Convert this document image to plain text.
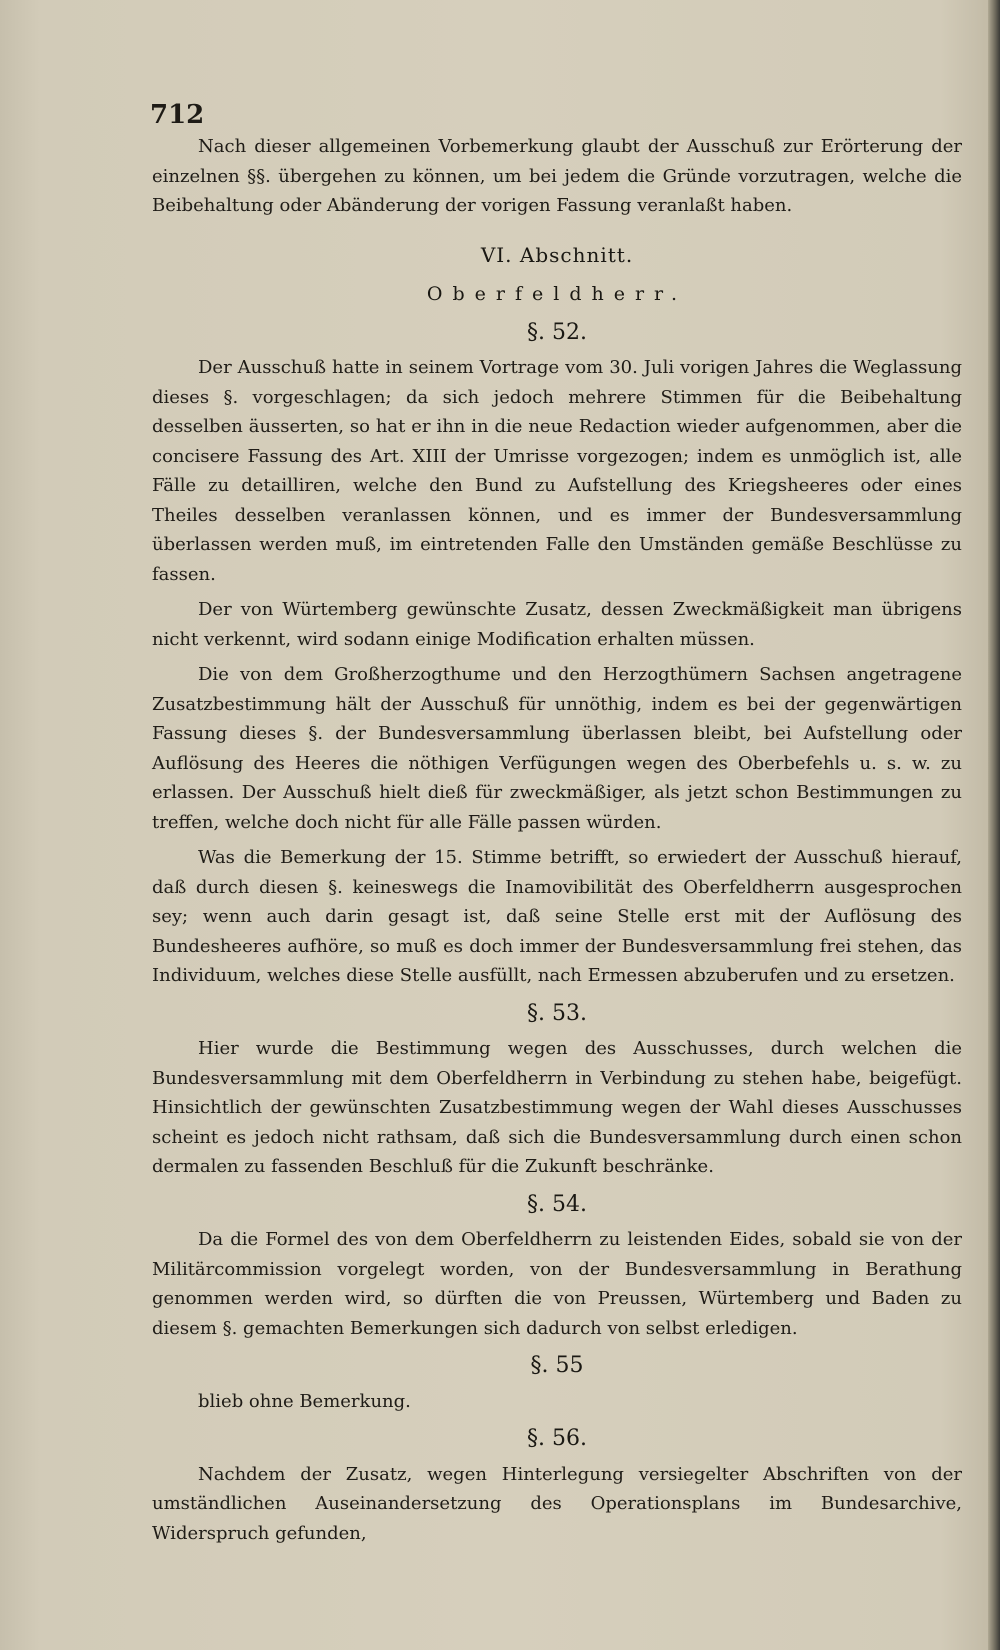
712

Nach dieser allgemeinen Vorbemerkung glaubt der Ausschuß zur Erörterung der einzelnen §§. übergehen zu können, um bei jedem die Gründe vorzutragen, welche die Beibehaltung oder Abänderung der vorigen Fassung veranlaßt haben.

VI. Abschnitt.
Oberfeldherr.
§. 52.

Der Ausschuß hatte in seinem Vortrage vom 30. Juli vorigen Jahres die Weglassung dieses §. vorgeschlagen; da sich jedoch mehrere Stimmen für die Beibehaltung desselben äusserten, so hat er ihn in die neue Redaction wieder aufgenommen, aber die concisere Fassung des Art. XIII der Umrisse vorgezogen; indem es unmöglich ist, alle Fälle zu detailliren, welche den Bund zu Aufstellung des Kriegsheeres oder eines Theiles desselben veranlassen können, und es immer der Bundesversammlung überlassen werden muß, im eintretenden Falle den Umständen gemäße Beschlüsse zu fassen.

Der von Würtemberg gewünschte Zusatz, dessen Zweckmäßigkeit man übrigens nicht verkennt, wird sodann einige Modification erhalten müssen.

Die von dem Großherzogthume und den Herzogthümern Sachsen angetragene Zusatzbestimmung hält der Ausschuß für unnöthig, indem es bei der gegenwärtigen Fassung dieses §. der Bundesversammlung überlassen bleibt, bei Aufstellung oder Auflösung des Heeres die nöthigen Verfügungen wegen des Oberbefehls u. s. w. zu erlassen. Der Ausschuß hielt dieß für zweckmäßiger, als jetzt schon Bestimmungen zu treffen, welche doch nicht für alle Fälle passen würden.

Was die Bemerkung der 15. Stimme betrifft, so erwiedert der Ausschuß hierauf, daß durch diesen §. keineswegs die Inamovibilität des Oberfeldherrn ausgesprochen sey; wenn auch darin gesagt ist, daß seine Stelle erst mit der Auflösung des Bundesheeres aufhöre, so muß es doch immer der Bundesversammlung frei stehen, das Individuum, welches diese Stelle ausfüllt, nach Ermessen abzuberufen und zu ersetzen.

§. 53.

Hier wurde die Bestimmung wegen des Ausschusses, durch welchen die Bundesversammlung mit dem Oberfeldherrn in Verbindung zu stehen habe, beigefügt. Hinsichtlich der gewünschten Zusatzbestimmung wegen der Wahl dieses Ausschusses scheint es jedoch nicht rathsam, daß sich die Bundesversammlung durch einen schon dermalen zu fassenden Beschluß für die Zukunft beschränke.

§. 54.

Da die Formel des von dem Oberfeldherrn zu leistenden Eides, sobald sie von der Militärcommission vorgelegt worden, von der Bundesversammlung in Berathung genommen werden wird, so dürften die von Preussen, Würtemberg und Baden zu diesem §. gemachten Bemerkungen sich dadurch von selbst erledigen.

§. 55

blieb ohne Bemerkung.

§. 56.

Nachdem der Zusatz, wegen Hinterlegung versiegelter Abschriften von der umständlichen Auseinandersetzung des Operationsplans im Bundesarchive, Widerspruch gefunden,
